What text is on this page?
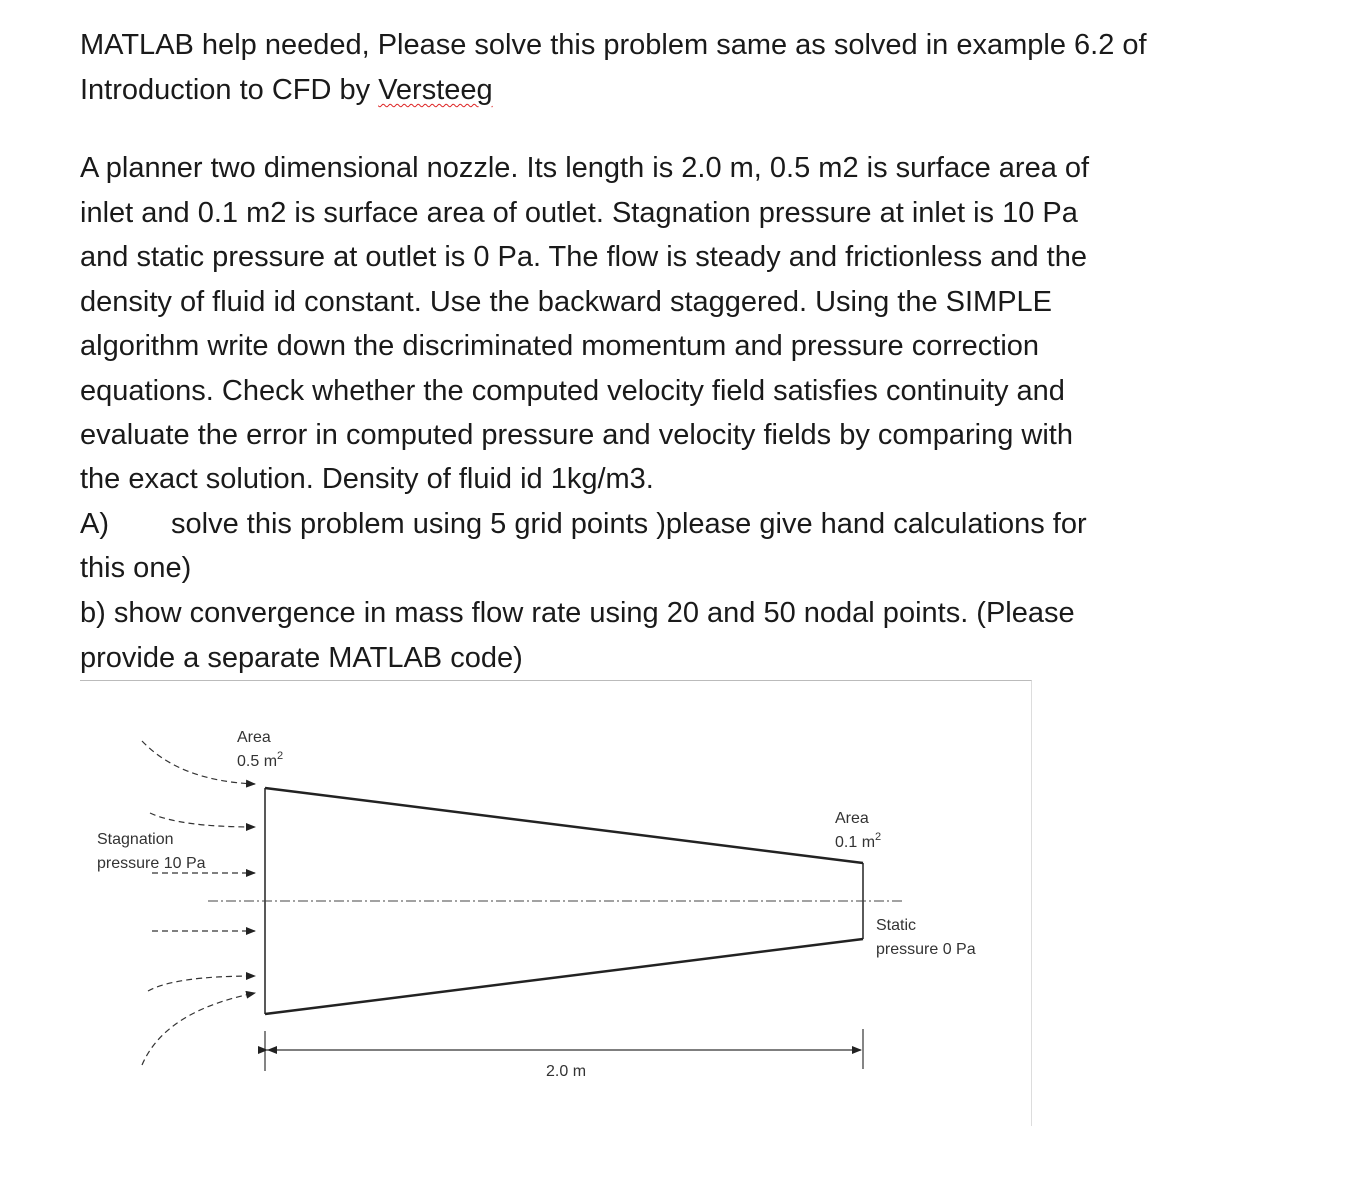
MATLAB help needed, Please solve this problem same as solved in example 6.2 of
Introduction to CFD by Versteeg
A planner two dimensional nozzle. Its length is 2.0 m, 0.5 m2 is surface area of
inlet and 0.1 m2 is surface area of outlet. Stagnation pressure at inlet is 10 Pa
and static pressure at outlet is 0 Pa. The flow is steady and frictionless and the
density of fluid id constant. Use the backward staggered. Using the SIMPLE
algorithm write down the discriminated momentum and pressure correction
equations. Check whether the computed velocity field satisfies continuity and
evaluate the error in computed pressure and velocity fields by comparing with
the exact solution. Density of fluid id 1kg/m3.
A) solve this problem using 5 grid points )please give hand calculations for
this one)
b) show convergence in mass flow rate using 20 and 50 nodal points. (Please
provide a separate MATLAB code)
Area
0.5 $m^2$
Area
0.1 $m^2$
Stagnation
pressure 10 Pa
Static
pressure 0 Pa
2.0 m
